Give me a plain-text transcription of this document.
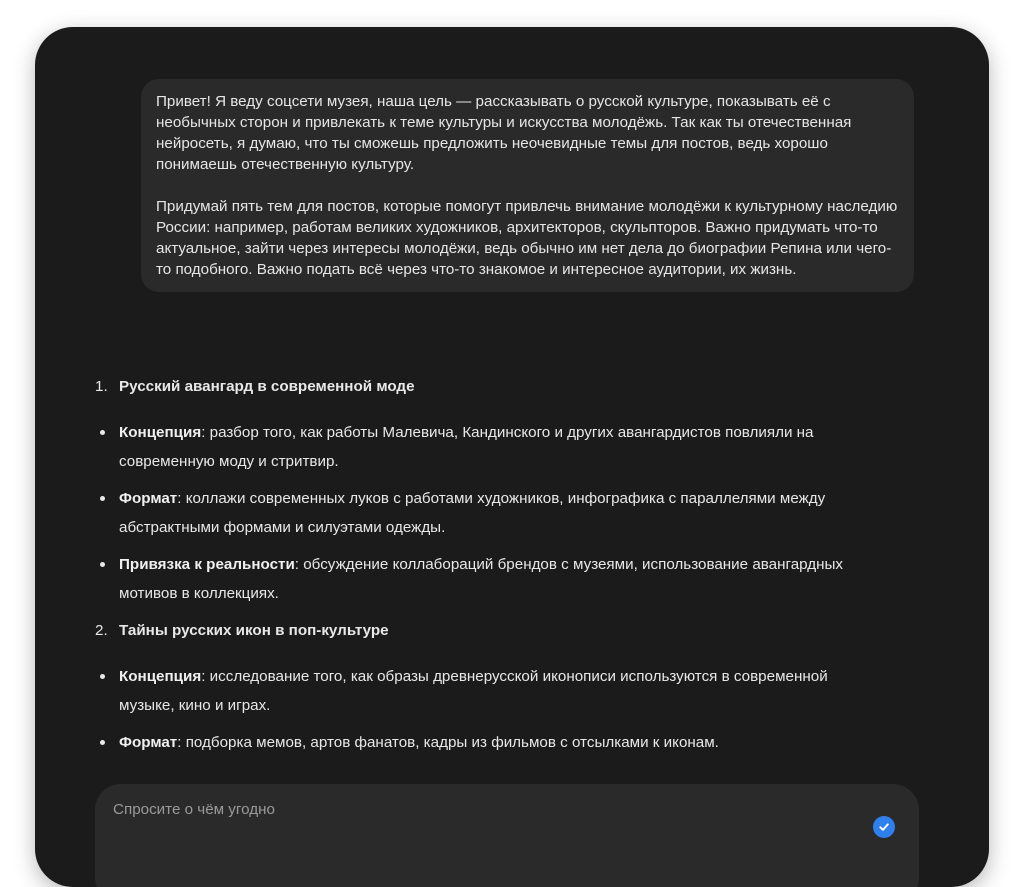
Привет! Я веду соцсети музея, наша цель — рассказывать о русской культуре, показывать её с необычных сторон и привлекать к теме культуры и искусства молодёжь. Так как ты отечественная нейросеть, я думаю, что ты сможешь предложить неочевидные темы для постов, ведь хорошо понимаешь отечественную культуру.

Придумай пять тем для постов, которые помогут привлечь внимание молодёжи к культурному наследию России: например, работам великих художников, архитекторов, скульпторов. Важно придумать что-то актуальное, зайти через интересы молодёжи, ведь обычно им нет дела до биографии Репина или чего-то подобного. Важно подать всё через что-то знакомое и интересное аудитории, их жизнь.

1. Русский авангард в современной моде
Концепция: разбор того, как работы Малевича, Кандинского и других авангардистов повлияли на современную моду и стритвир.
Формат: коллажи современных луков с работами художников, инфографика с параллелями между абстрактными формами и силуэтами одежды.
Привязка к реальности: обсуждение коллабораций брендов с музеями, использование авангардных мотивов в коллекциях.
2. Тайны русских икон в поп-культуре
Концепция: исследование того, как образы древнерусской иконописи используются в современной музыке, кино и играх.
Формат: подборка мемов, артов фанатов, кадры из фильмов с отсылками к иконам.
Спросите о чём угодно
